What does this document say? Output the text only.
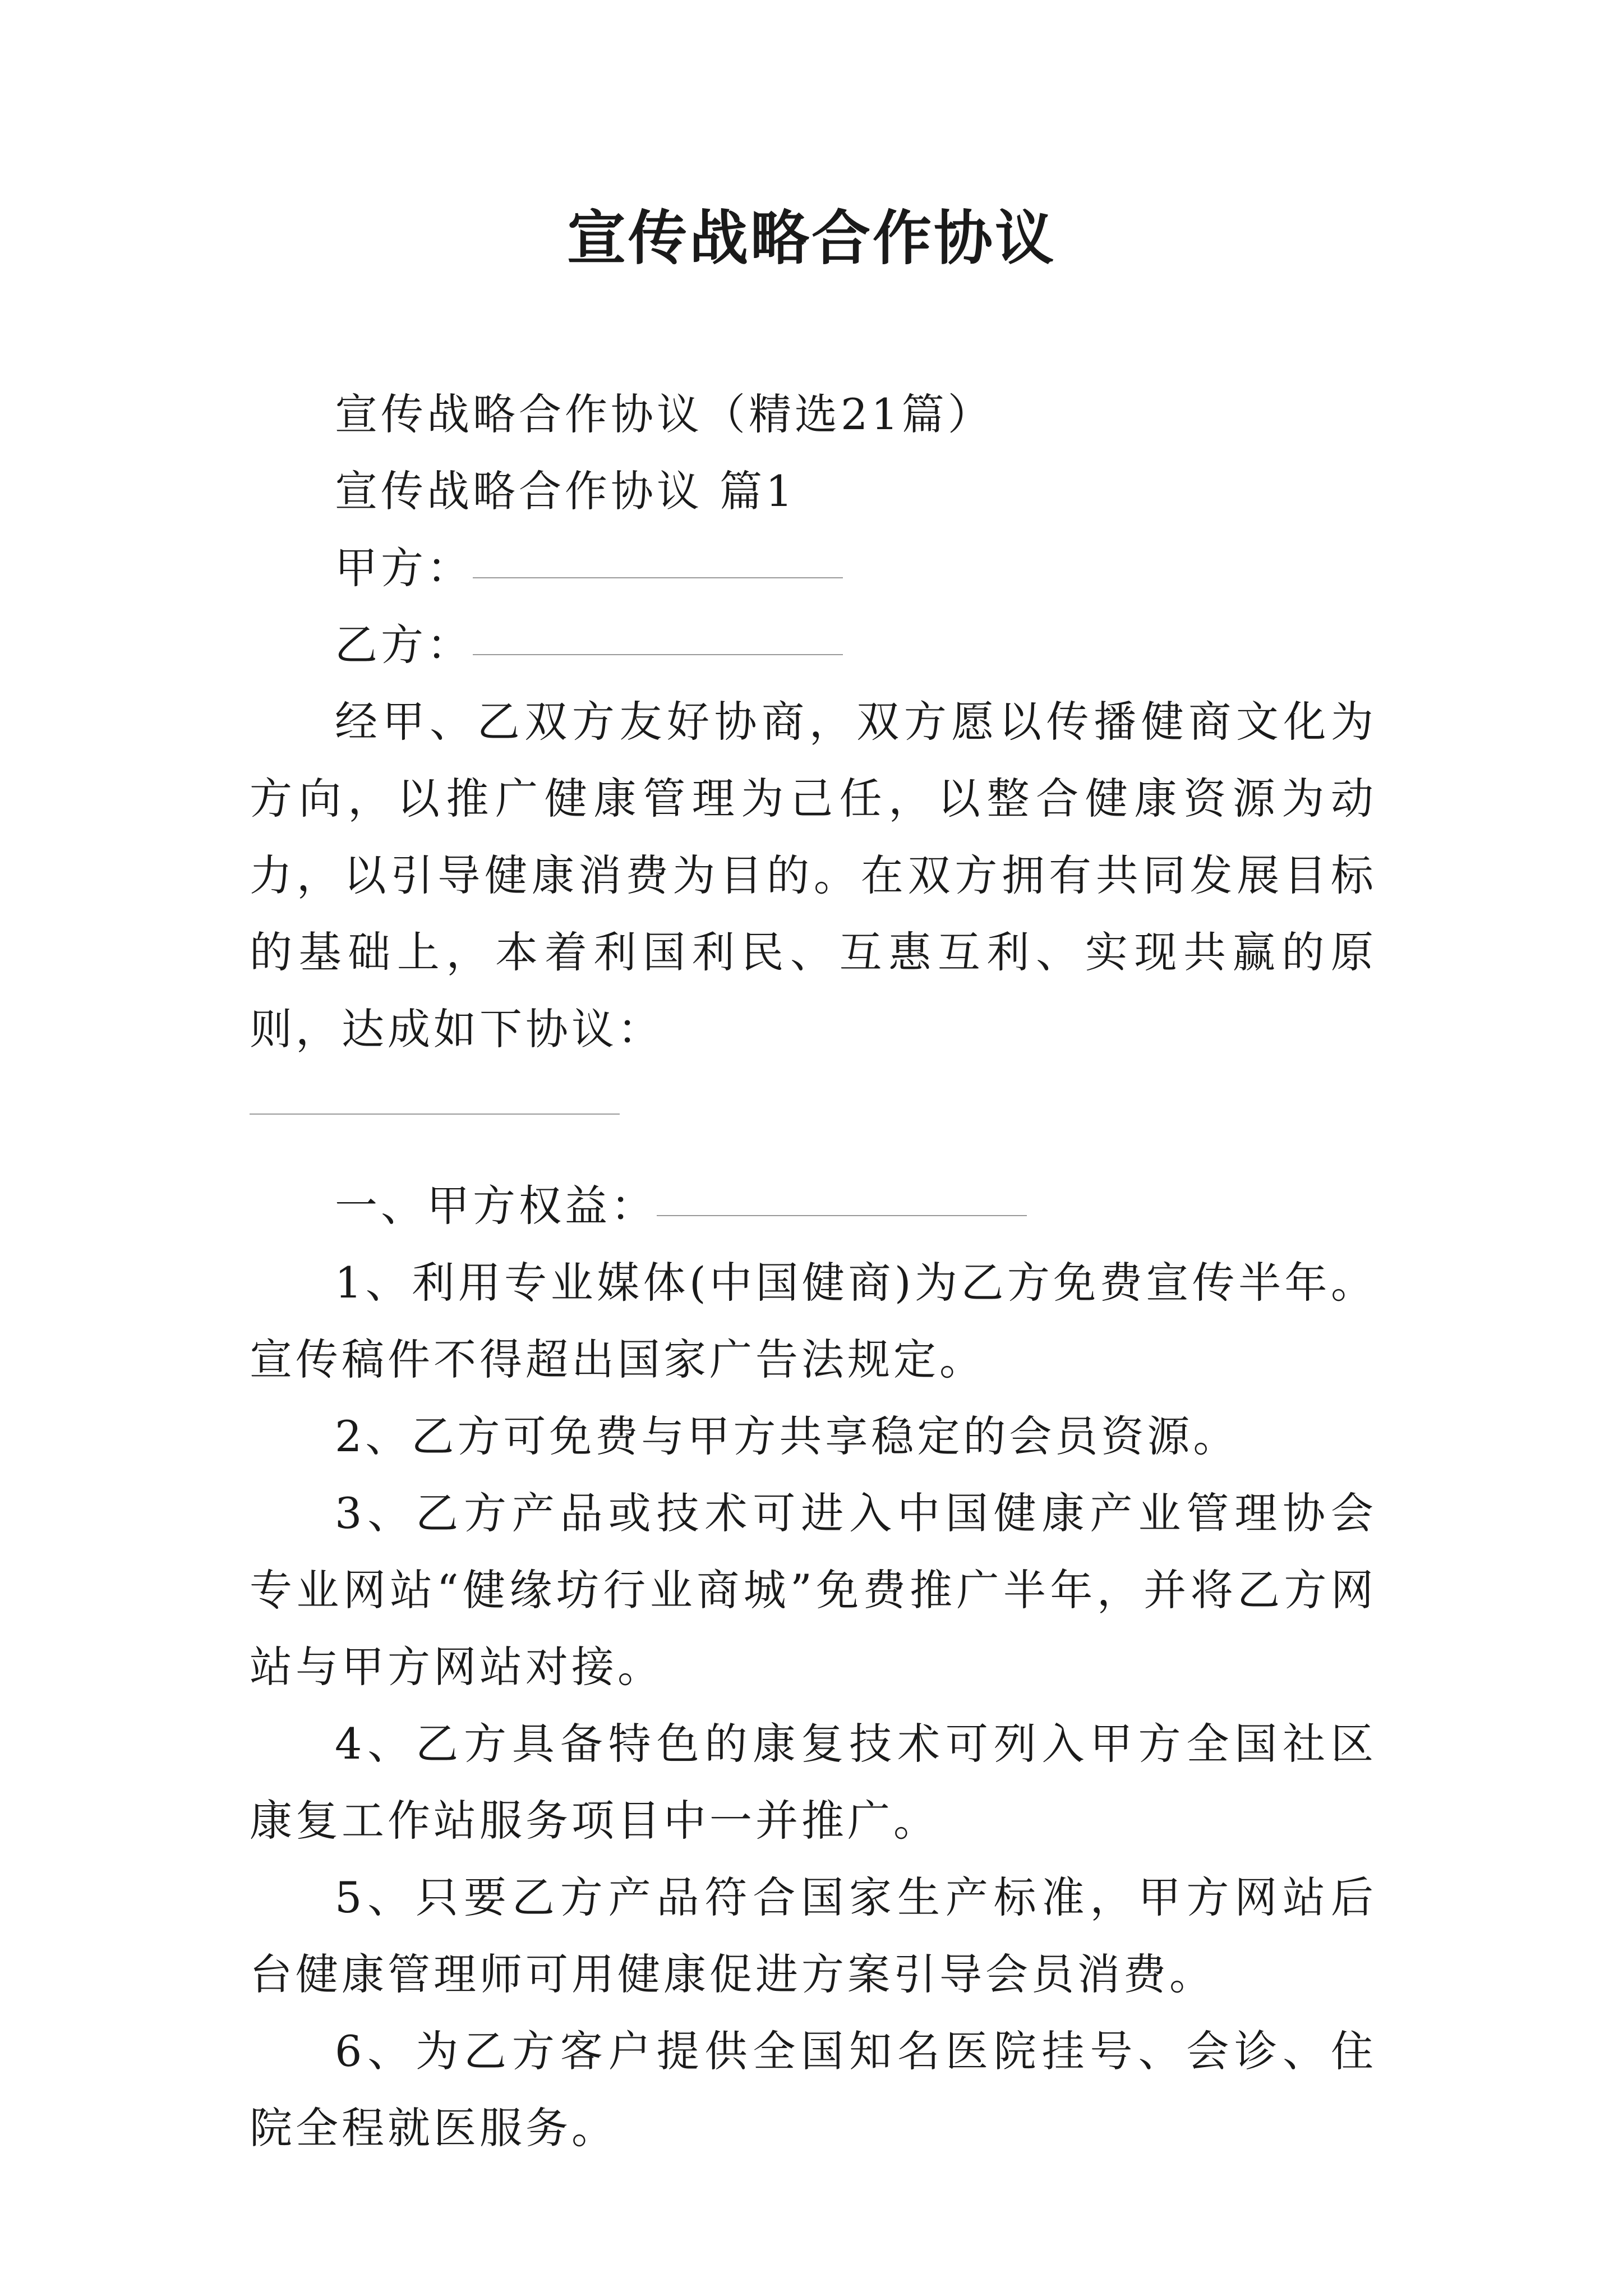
宣传战略合作协议

宣传战略合作协议（精选21篇）

宣传战略合作协议 篇1

甲方：

乙方：

经甲、乙双方友好协商，双方愿以传播健商文化为方向，以推广健康管理为己任，以整合健康资源为动力，以引导健康消费为目的。在双方拥有共同发展目标的基础上，本着利国利民、互惠互利、实现共赢的原则，达成如下协议：

一、甲方权益：

1、利用专业媒体(中国健商)为乙方免费宣传半年。宣传稿件不得超出国家广告法规定。

2、乙方可免费与甲方共享稳定的会员资源。

3、乙方产品或技术可进入中国健康产业管理协会专业网站“健缘坊行业商城”免费推广半年，并将乙方网站与甲方网站对接。

4、乙方具备特色的康复技术可列入甲方全国社区康复工作站服务项目中一并推广。

5、只要乙方产品符合国家生产标准，甲方网站后台健康管理师可用健康促进方案引导会员消费。

6、为乙方客户提供全国知名医院挂号、会诊、住院全程就医服务。
